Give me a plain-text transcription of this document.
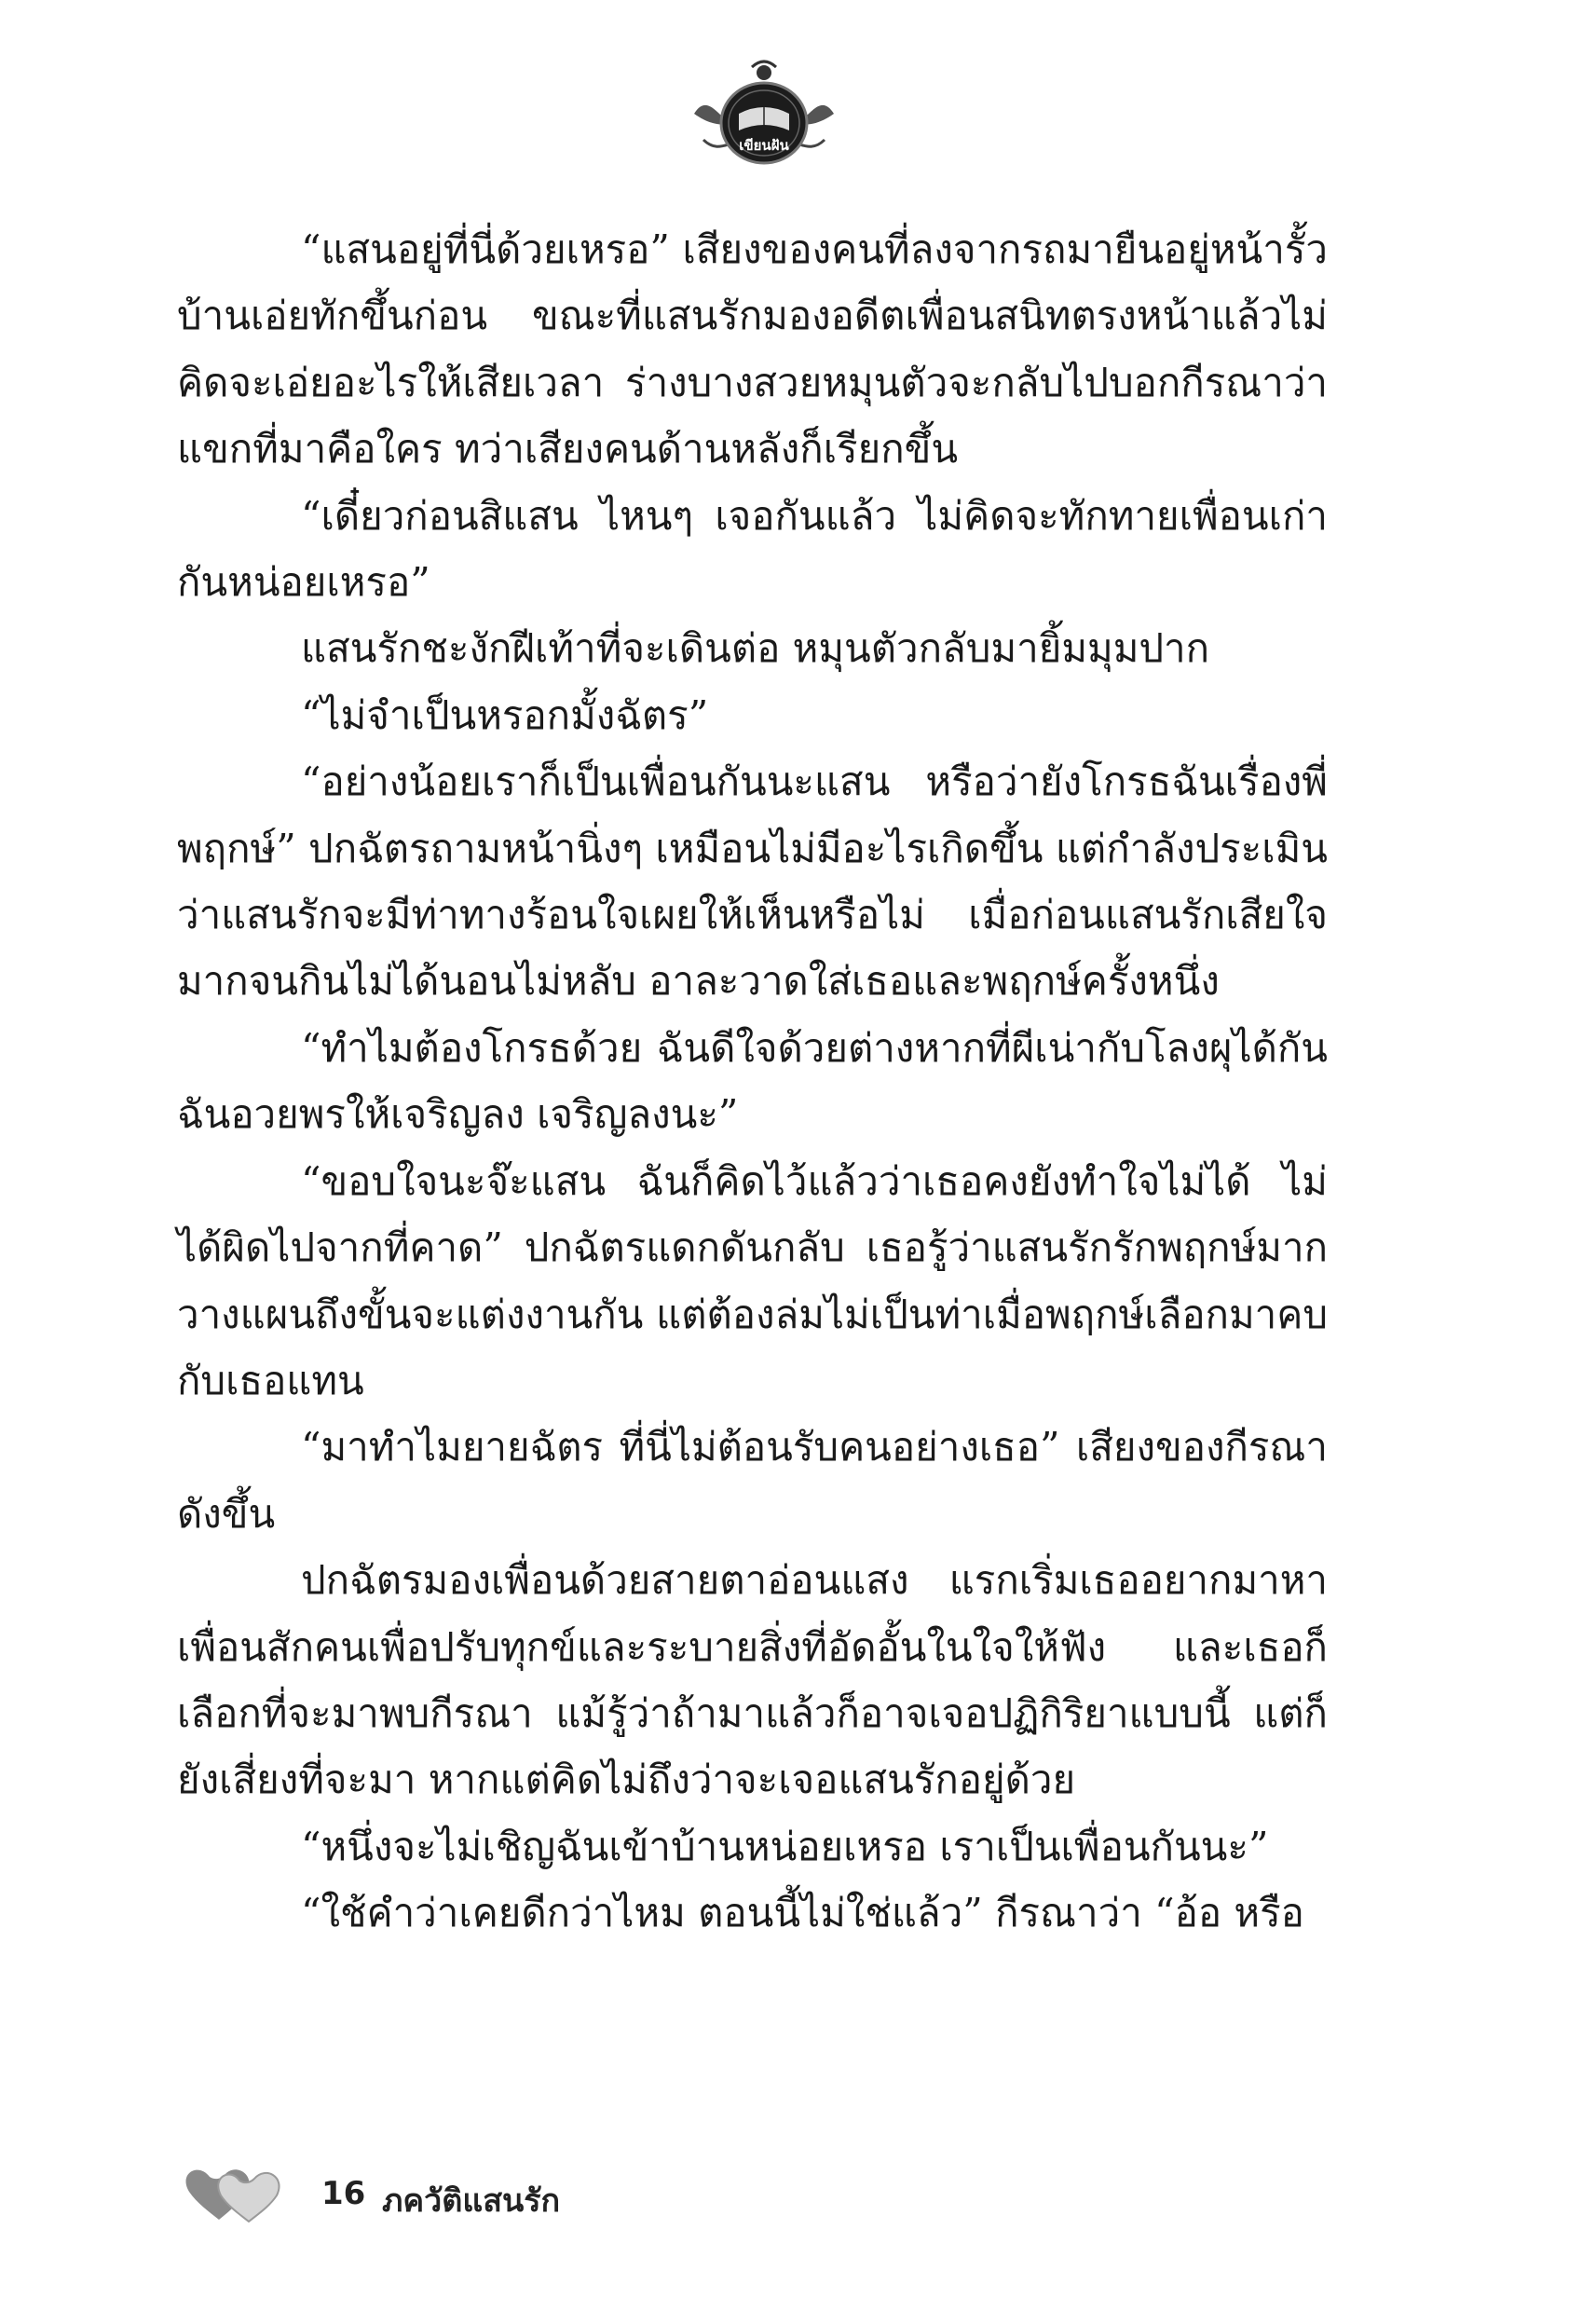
เขียนฝัน

“แสนอยู่ที่นี่ด้วยเหรอ” เสียงของคนที่ลงจากรถมายืนอยู่หน้ารั้วบ้านเอ่ยทักขึ้นก่อน ขณะที่แสนรักมองอดีตเพื่อนสนิทตรงหน้าแล้วไม่คิดจะเอ่ยอะไรให้เสียเวลา ร่างบางสวยหมุนตัวจะกลับไปบอกกีรณาว่าแขกที่มาคือใคร ทว่าเสียงคนด้านหลังก็เรียกขึ้น

“เดี๋ยวก่อนสิแสน ไหนๆ เจอกันแล้ว ไม่คิดจะทักทายเพื่อนเก่ากันหน่อยเหรอ”

แสนรักชะงักฝีเท้าที่จะเดินต่อ หมุนตัวกลับมายิ้มมุมปาก

“ไม่จำเป็นหรอกมั้งฉัตร”

“อย่างน้อยเราก็เป็นเพื่อนกันนะแสน หรือว่ายังโกรธฉันเรื่องพี่พฤกษ์” ปกฉัตรถามหน้านิ่งๆ เหมือนไม่มีอะไรเกิดขึ้น แต่กำลังประเมินว่าแสนรักจะมีท่าทางร้อนใจเผยให้เห็นหรือไม่ เมื่อก่อนแสนรักเสียใจมากจนกินไม่ได้นอนไม่หลับ อาละวาดใส่เธอและพฤกษ์ครั้งหนึ่ง

“ทำไมต้องโกรธด้วย ฉันดีใจด้วยต่างหากที่ผีเน่ากับโลงผุได้กัน ฉันอวยพรให้เจริญลง เจริญลงนะ”

“ขอบใจนะจ๊ะแสน ฉันก็คิดไว้แล้วว่าเธอคงยังทำใจไม่ได้ ไม่ได้ผิดไปจากที่คาด” ปกฉัตรแดกดันกลับ เธอรู้ว่าแสนรักรักพฤกษ์มาก วางแผนถึงขั้นจะแต่งงานกัน แต่ต้องล่มไม่เป็นท่าเมื่อพฤกษ์เลือกมาคบกับเธอแทน

“มาทำไมยายฉัตร ที่นี่ไม่ต้อนรับคนอย่างเธอ” เสียงของกีรณาดังขึ้น

ปกฉัตรมองเพื่อนด้วยสายตาอ่อนแสง แรกเริ่มเธออยากมาหาเพื่อนสักคนเพื่อปรับทุกข์และระบายสิ่งที่อัดอั้นในใจให้ฟัง และเธอก็เลือกที่จะมาพบกีรณา แม้รู้ว่าถ้ามาแล้วก็อาจเจอปฏิกิริยาแบบนี้ แต่ก็ยังเสี่ยงที่จะมา หากแต่คิดไม่ถึงว่าจะเจอแสนรักอยู่ด้วย

“หนึ่งจะไม่เชิญฉันเข้าบ้านหน่อยเหรอ เราเป็นเพื่อนกันนะ”

“ใช้คำว่าเคยดีกว่าไหม ตอนนี้ไม่ใช่แล้ว” กีรณาว่า “อ้อ หรือ

16 ภควัติแสนรัก
